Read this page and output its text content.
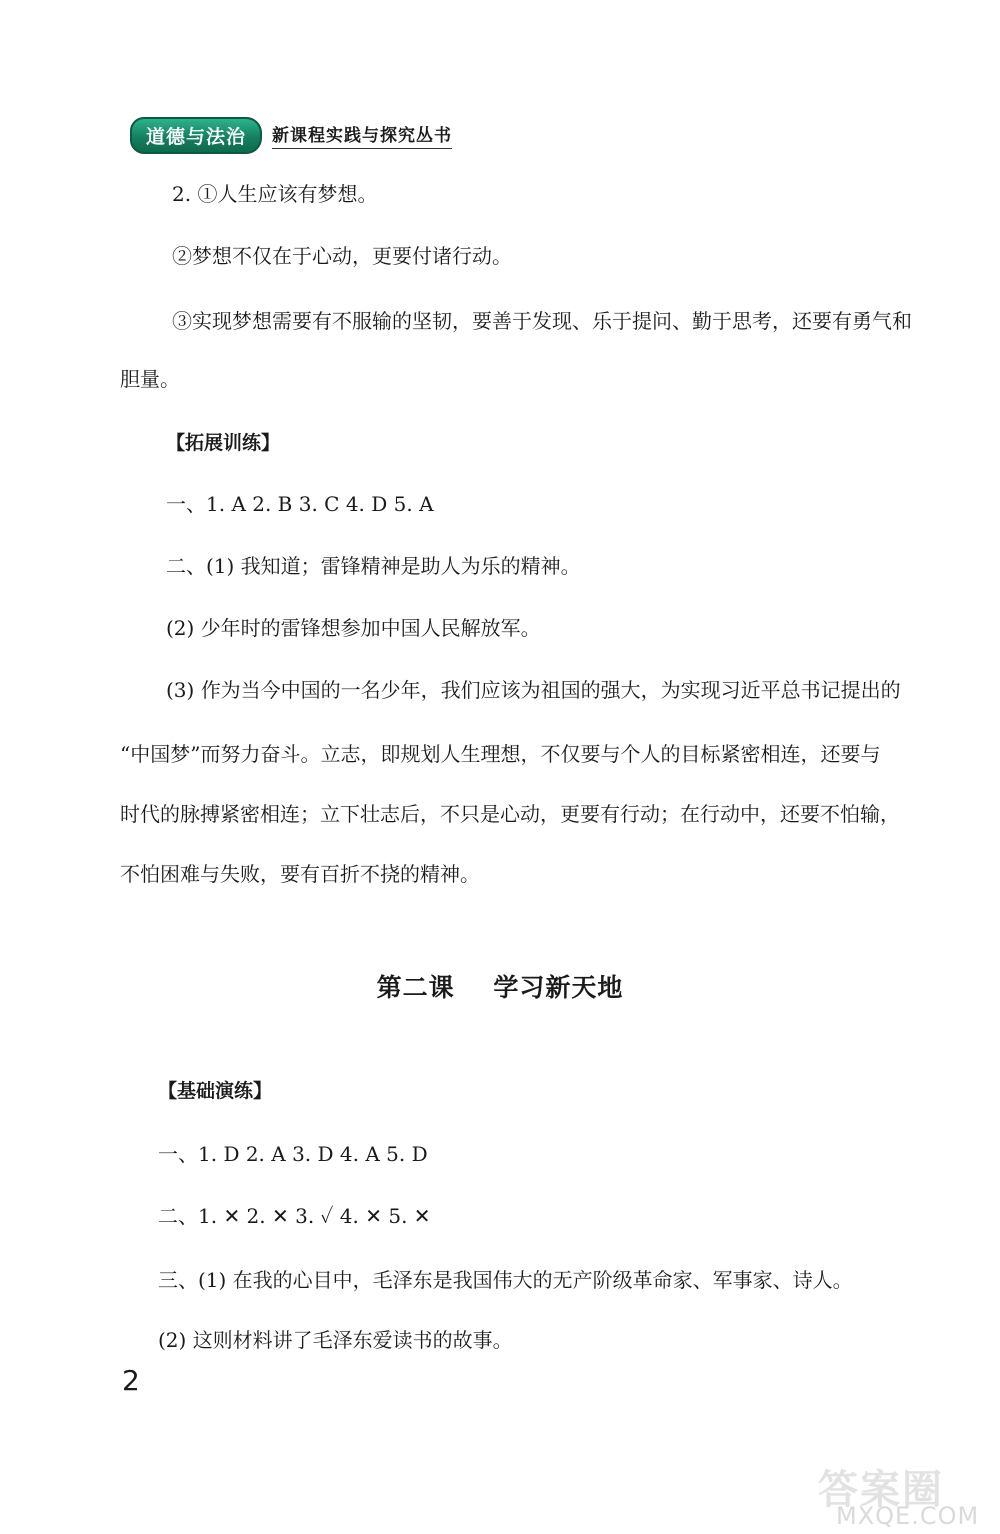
道德与法治	新课程实践与探究丛书
2. ①人生应该有梦想。
②梦想不仅在于心动，更要付诸行动。
③实现梦想需要有不服输的坚韧，要善于发现、乐于提问、勤于思考，还要有勇气和
胆量。
【拓展训练】
一、1. A 2. B 3. C 4. D 5. A
二、(1) 我知道；雷锋精神是助人为乐的精神。
(2) 少年时的雷锋想参加中国人民解放军。
(3) 作为当今中国的一名少年，我们应该为祖国的强大，为实现习近平总书记提出的
“中国梦”而努力奋斗。立志，即规划人生理想，不仅要与个人的目标紧密相连，还要与
时代的脉搏紧密相连；立下壮志后，不只是心动，更要有行动；在行动中，还要不怕输，
不怕困难与失败，要有百折不挠的精神。
第二课    学习新天地
【基础演练】
一、1. D 2. A 3. D 4. A 5. D
二、1. ✕ 2. ✕ 3. ✓ 4. ✕ 5. ✕
三、(1) 在我的心目中，毛泽东是我国伟大的无产阶级革命家、军事家、诗人。
(2) 这则材料讲了毛泽东爱读书的故事。
2
答案圈
MXQE.COM
